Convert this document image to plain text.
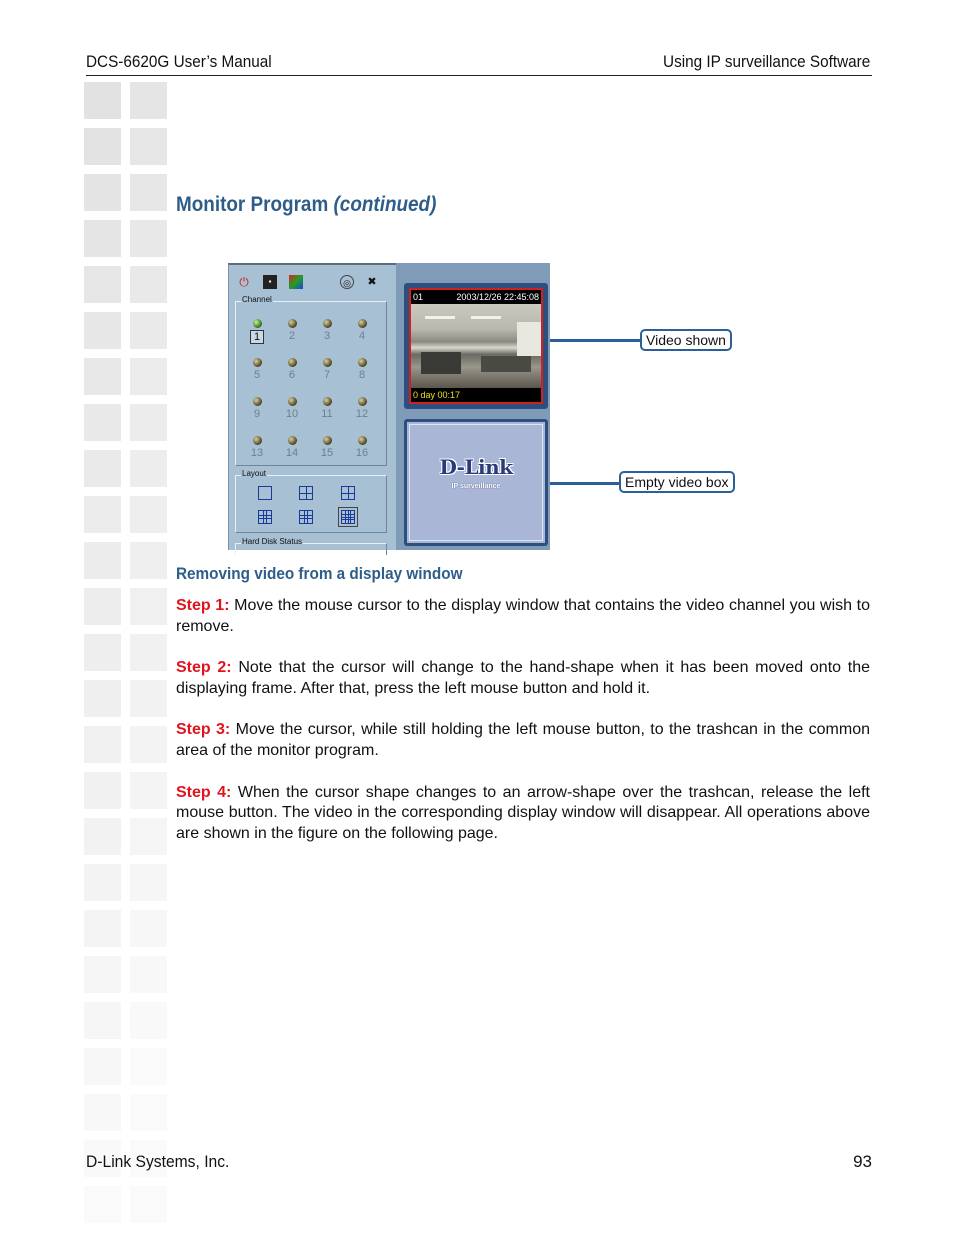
DCS-6620G User’s Manual	Using IP surveillance Software
Monitor Program (continued)
⏻	▪	◎ ✖
Channel
1	2	3	4
5	6	7	8
9	10	11	12
13	14	15	16
Layout
Hard Disk Status
01	2003/12/26 22:45:08
0 day 00:17
D-Link
IP surveillance
Video shown
Empty video box
Removing video from a display window
Step 1: Move the mouse cursor to the display window that contains the video channel you wish to remove.
Step 2: Note that the cursor will change to the hand-shape when it has been moved onto the displaying frame. After that, press the left mouse button and hold it.
Step 3: Move the cursor, while still holding the left mouse button, to the trashcan in the common area of the monitor program.
Step 4: When the cursor shape changes to an arrow-shape over the trashcan, release the left mouse button. The video in the corresponding display window will disappear. All operations above are shown in the figure on the following page.
D-Link Systems, Inc.	93
